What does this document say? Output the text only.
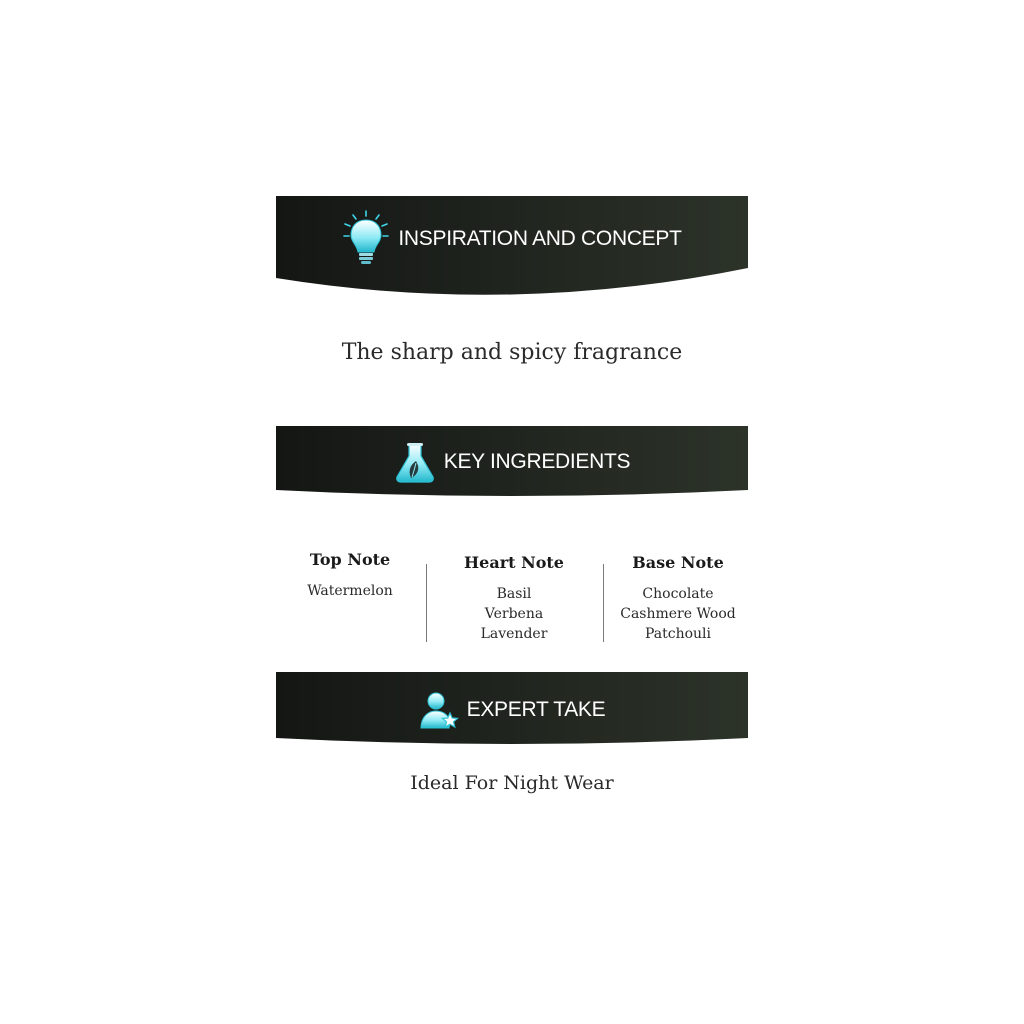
INSPIRATION AND CONCEPT
The sharp and spicy fragrance
KEY INGREDIENTS
Top Note
Watermelon
Heart Note
Basil
Verbena
Lavender
Base Note
Chocolate
Cashmere Wood
Patchouli
EXPERT TAKE
Ideal For Night Wear
